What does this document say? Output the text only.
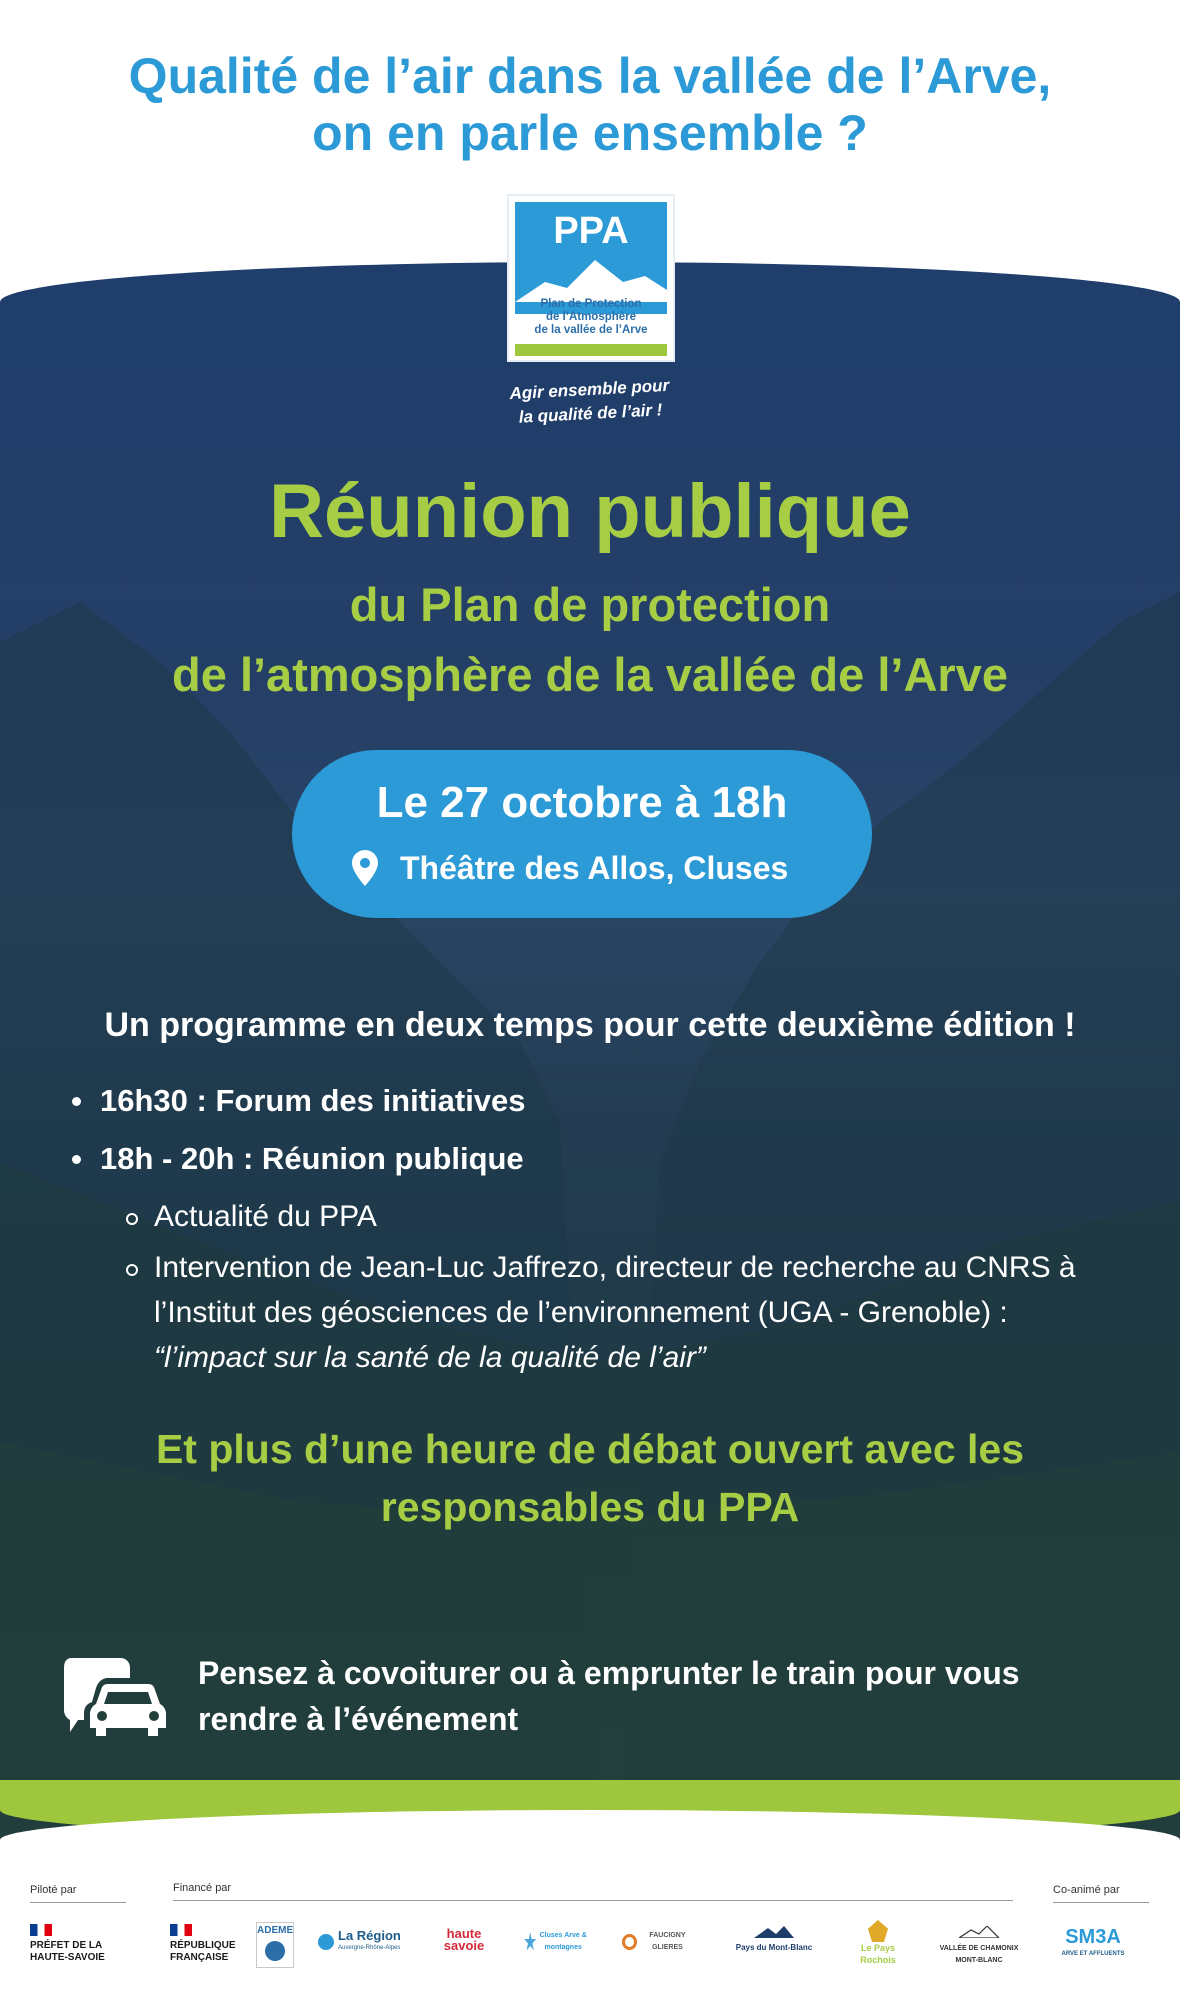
Qualité de l’air dans la vallée de l’Arve,
on en parle ensemble ?
PPA
Plan de Protection
de l’Atmosphère
de la vallée de l’Arve
Agir ensemble pour
la qualité de l’air !
Réunion publique
du Plan de protection
de l’atmosphère de la vallée de l’Arve
Le 27 octobre à 18h
Théâtre des Allos, Cluses
Un programme en deux temps pour cette deuxième édition !
16h30 : Forum des initiatives
18h - 20h : Réunion publique
Actualité du PPA
Intervention de Jean-Luc Jaffrezo, directeur de recherche au CNRS à l’Institut des géosciences de l’environnement (UGA - Grenoble) : “l’impact sur la santé de la qualité de l’air”
Et plus d’une heure de débat ouvert avec les
responsables du PPA
Pensez à covoiturer ou à emprunter le train pour vous
rendre à l’événement
Piloté par	Financé par	Co-animé par
PRÉFET DE LA HAUTE-SAVOIE
RÉPUBLIQUE FRANÇAISE
ADEME	La Région
Auvergne-Rhône-Alpes
haute savoie
Cluses Arve & montagnes
FAUCIGNY GLIERES	Pays du Mont-Blanc	Le Pays Rochois
VALLÉE DE CHAMONIX MONT-BLANC
SM3A
ARVE ET AFFLUENTS
